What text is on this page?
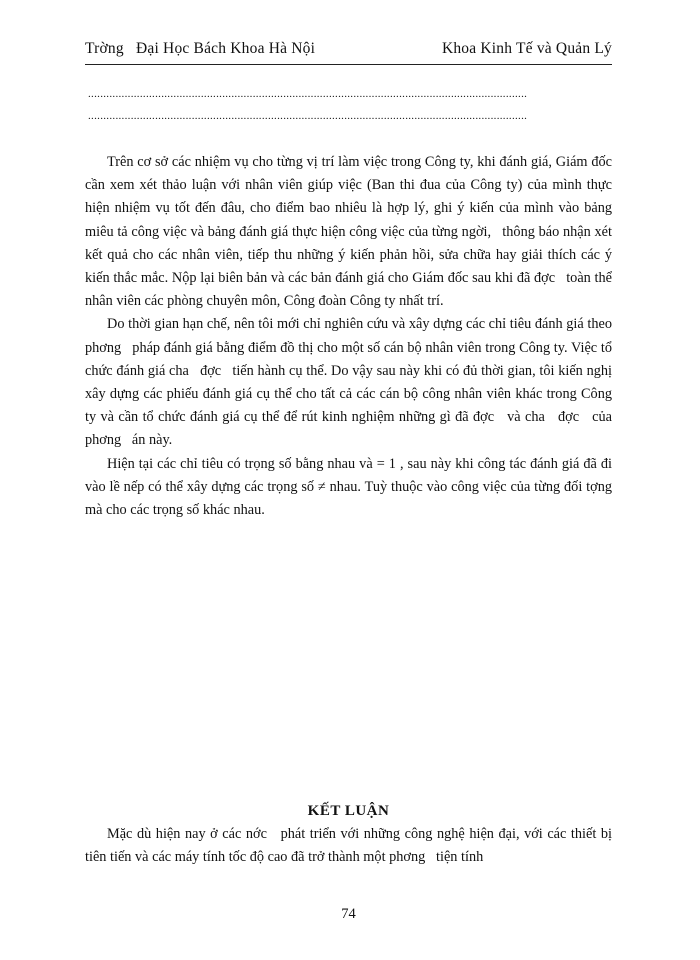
Trờng   Đại Học Bách Khoa Hà Nội	Khoa Kinh Tế và Quản Lý
................................................................................................................................................
................................................................................................................................................

Trên cơ sở các nhiệm vụ cho từng vị trí làm việc trong Công ty, khi đánh giá, Giám đốc cần xem xét thảo luận với nhân viên giúp việc (Ban thi đua của Công ty) của mình thực hiện nhiệm vụ tốt đến đâu, cho điểm bao nhiêu là hợp lý, ghi ý kiến của mình vào bảng miêu tả công việc và bảng đánh giá thực hiện công việc của từng ngời,   thông báo nhận xét kết quả cho các nhân viên, tiếp thu những ý kiến phản hồi, sửa chữa hay giải thích các ý kiến thắc mắc. Nộp lại biên bản và các bản đánh giá cho Giám đốc sau khi đã đợc   toàn thể nhân viên các phòng chuyên môn, Công đoàn Công ty nhất trí.

Do thời gian hạn chế, nên tôi mới chỉ nghiên cứu và xây dựng các chỉ tiêu đánh giá theo phơng   pháp đánh giá bằng điểm đồ thị cho một số cán bộ nhân viên trong Công ty. Việc tổ chức đánh giá cha   đợc   tiến hành cụ thể. Do vậy sau này khi có đủ thời gian, tôi kiến nghị xây dựng các phiếu đánh giá cụ thể cho tất cả các cán bộ công nhân viên khác trong Công ty và cần tổ chức đánh giá cụ thể để rút kinh nghiệm những gì đã đợc   và cha   đợc   của phơng   án này.

Hiện tại các chỉ tiêu có trọng số bằng nhau và = 1 , sau này khi công tác đánh giá đã đi vào lề nếp có thể xây dựng các trọng số ≠ nhau. Tuỳ thuộc vào công việc của từng đối tợng   mà cho các trọng số khác nhau.

KẾT LUẬN

Mặc dù hiện nay ở các nớc   phát triển với những công nghệ hiện đại, với các thiết bị tiên tiến và các máy tính tốc độ cao đã trở thành một phơng   tiện tính

74
